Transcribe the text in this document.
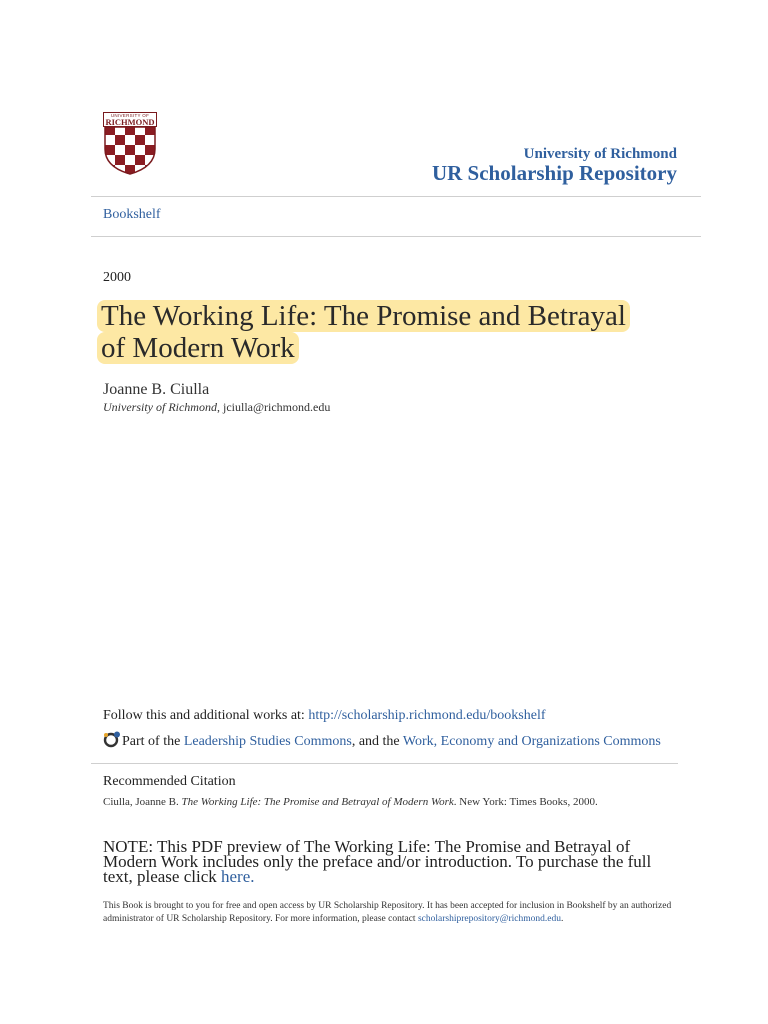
UNIVERSITY OF
RICHMOND
University of Richmond
UR Scholarship Repository
Bookshelf
2000
The Working Life: The Promise and Betrayal of Modern Work
Joanne B. Ciulla
University of Richmond, jciulla@richmond.edu
Follow this and additional works at: http://scholarship.richmond.edu/bookshelf
Part of the Leadership Studies Commons, and the Work, Economy and Organizations Commons
Recommended Citation
Ciulla, Joanne B. The Working Life: The Promise and Betrayal of Modern Work. New York: Times Books, 2000.
NOTE: This PDF preview of The Working Life: The Promise and Betrayal of Modern Work includes only the preface and/or introduction. To purchase the full text, please click here.
This Book is brought to you for free and open access by UR Scholarship Repository. It has been accepted for inclusion in Bookshelf by an authorized administrator of UR Scholarship Repository. For more information, please contact scholarshiprepository@richmond.edu.
